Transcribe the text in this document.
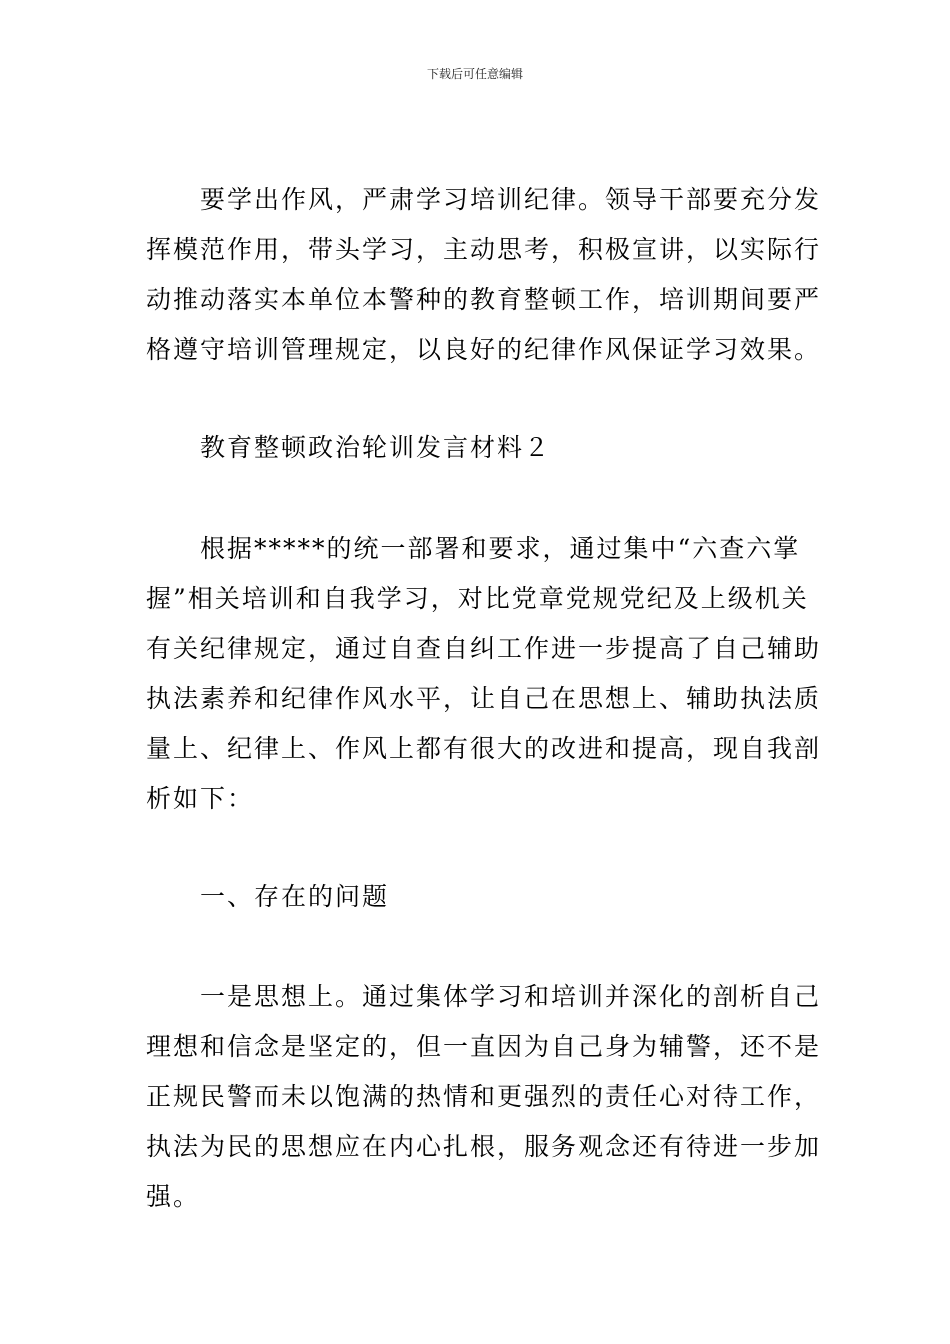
下载后可任意编辑
要学出作风，严肃学习培训纪律。领导干部要充分发
挥模范作用，带头学习，主动思考，积极宣讲，以实际行
动推动落实本单位本警种的教育整顿工作，培训期间要严
格遵守培训管理规定，以良好的纪律作风保证学习效果。
教育整顿政治轮训发言材料２
根据*****的统一部署和要求，通过集中“六查六掌
握”相关培训和自我学习，对比党章党规党纪及上级机关
有关纪律规定，通过自查自纠工作进一步提高了自己辅助
执法素养和纪律作风水平，让自己在思想上、辅助执法质
量上、纪律上、作风上都有很大的改进和提高，现自我剖
析如下：
一、存在的问题
一是思想上。通过集体学习和培训并深化的剖析自己
理想和信念是坚定的，但一直因为自己身为辅警，还不是
正规民警而未以饱满的热情和更强烈的责任心对待工作，
执法为民的思想应在内心扎根，服务观念还有待进一步加
强。
